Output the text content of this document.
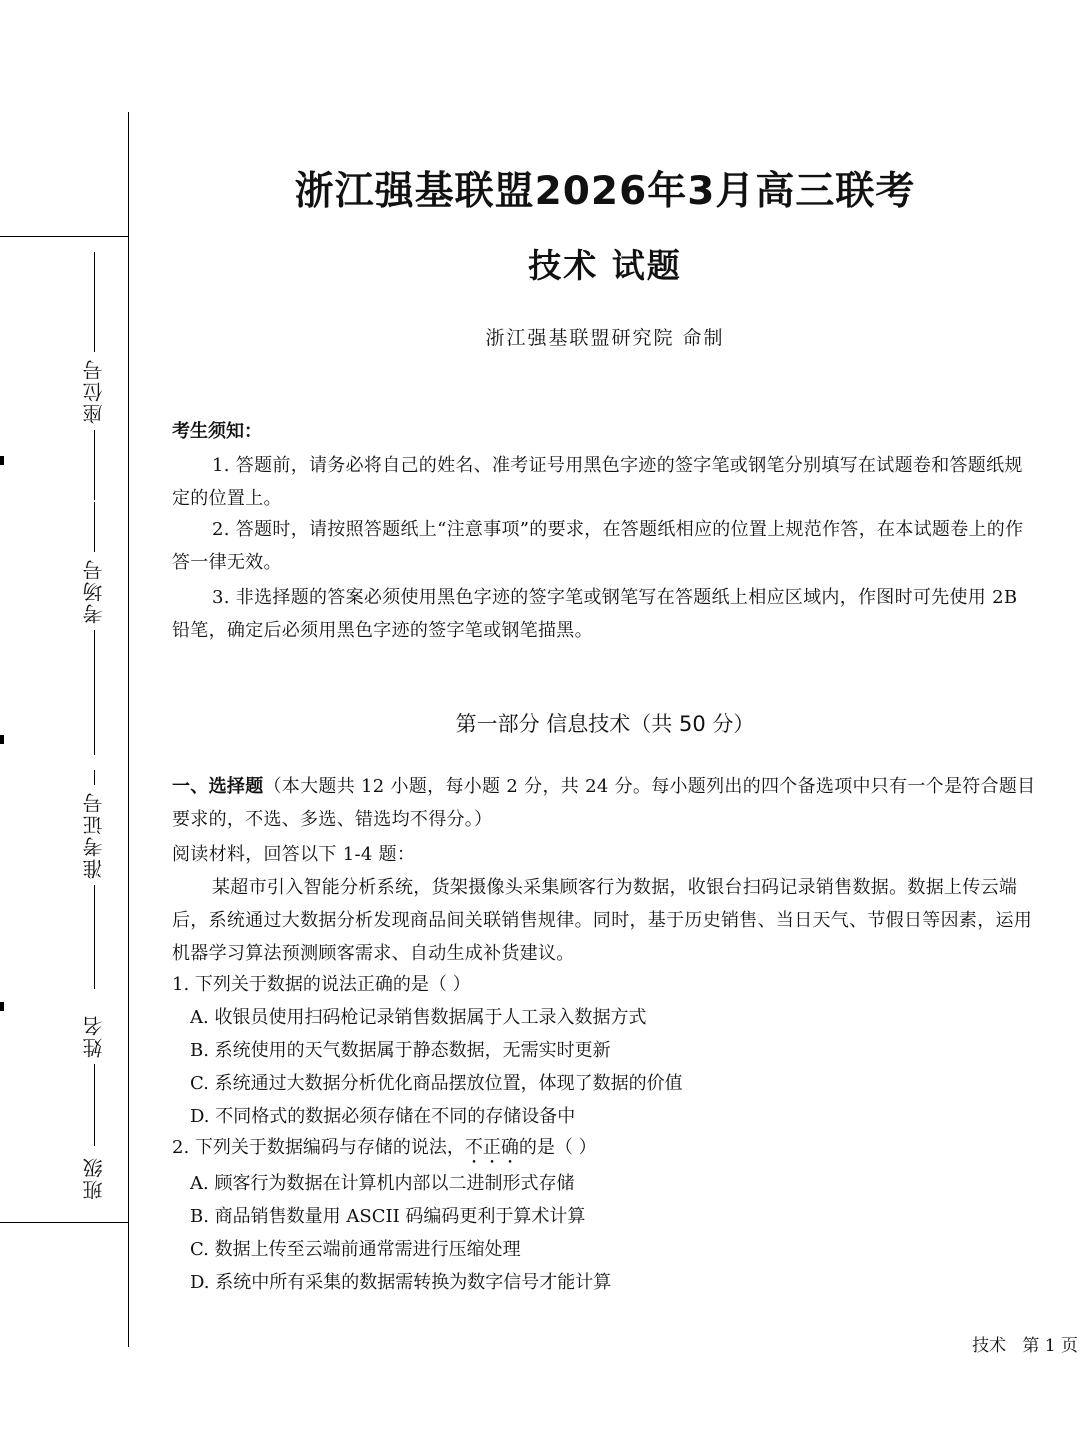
座位号
考场号
准考证号
姓名
班级
浙江强基联盟2026年3月高三联考
技术 试题
浙江强基联盟研究院 命制
考生须知：
1. 答题前，请务必将自己的姓名、准考证号用黑色字迹的签字笔或钢笔分别填写在试题卷和答题纸规定的位置上。
2. 答题时，请按照答题纸上“注意事项”的要求，在答题纸相应的位置上规范作答，在本试题卷上的作答一律无效。
3. 非选择题的答案必须使用黑色字迹的签字笔或钢笔写在答题纸上相应区域内，作图时可先使用 2B 铅笔，确定后必须用黑色字迹的签字笔或钢笔描黑。
第一部分 信息技术（共 50 分）
一、选择题（本大题共 12 小题，每小题 2 分，共 24 分。每小题列出的四个备选项中只有一个是符合题目要求的，不选、多选、错选均不得分。）
阅读材料，回答以下 1-4 题：
某超市引入智能分析系统，货架摄像头采集顾客行为数据，收银台扫码记录销售数据。数据上传云端后，系统通过大数据分析发现商品间关联销售规律。同时，基于历史销售、当日天气、节假日等因素，运用机器学习算法预测顾客需求、自动生成补货建议。
1. 下列关于数据的说法正确的是（ ）
A. 收银员使用扫码枪记录销售数据属于人工录入数据方式
B. 系统使用的天气数据属于静态数据，无需实时更新
C. 系统通过大数据分析优化商品摆放位置，体现了数据的价值
D. 不同格式的数据必须存储在不同的存储设备中
2. 下列关于数据编码与存储的说法，不正确的是（ ）
A. 顾客行为数据在计算机内部以二进制形式存储
B. 商品销售数量用 ASCII 码编码更利于算术计算
C. 数据上传至云端前通常需进行压缩处理
D. 系统中所有采集的数据需转换为数字信号才能计算
技术   第 1 页
